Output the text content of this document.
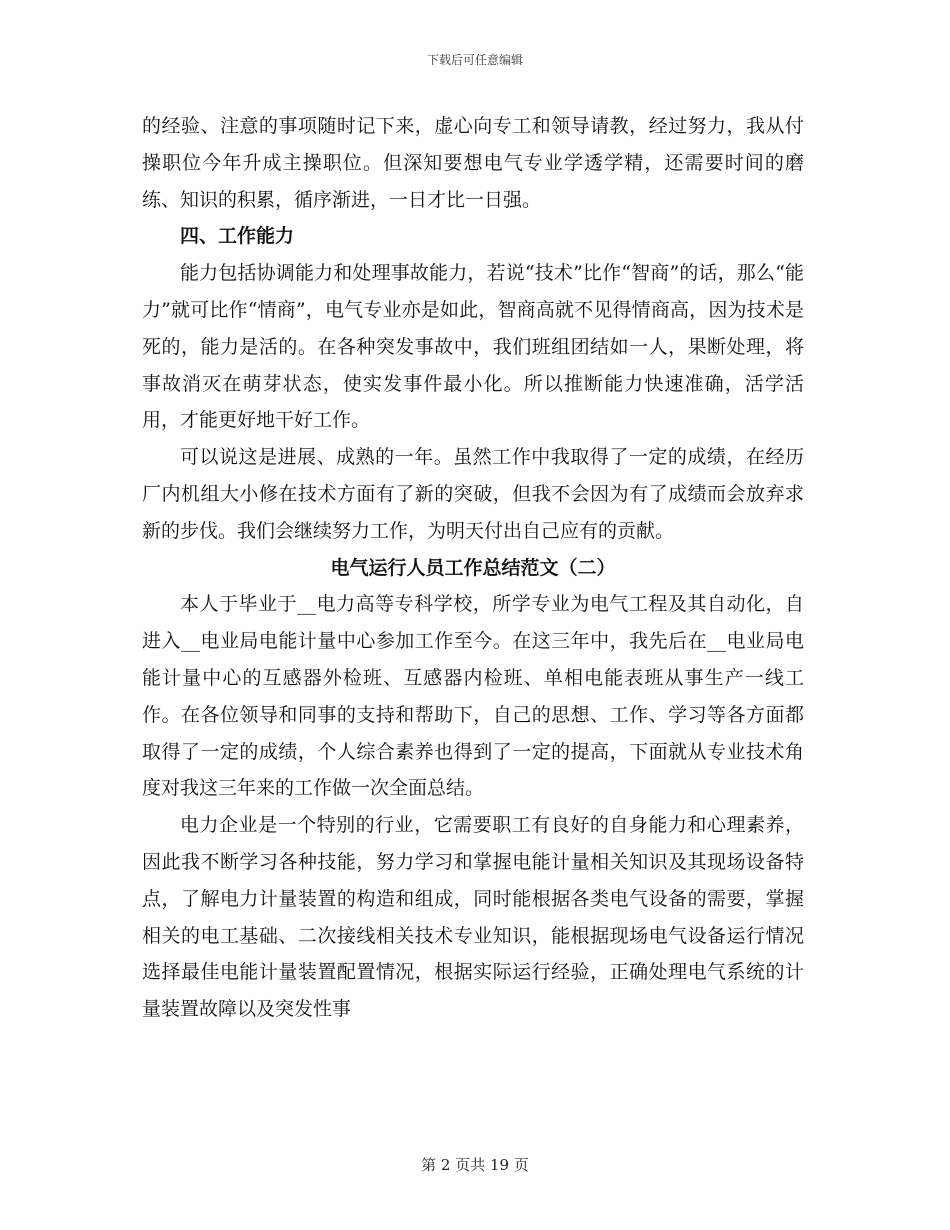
下载后可任意编辑

的经验、注意的事项随时记下来，虚心向专工和领导请教，经过努力，我从付操职位今年升成主操职位。但深知要想电气专业学透学精，还需要时间的磨练、知识的积累，循序渐进，一日才比一日强。

四、工作能力

能力包括协调能力和处理事故能力，若说“技术”比作“智商”的话，那么“能力”就可比作“情商”，电气专业亦是如此，智商高就不见得情商高，因为技术是死的，能力是活的。在各种突发事故中，我们班组团结如一人，果断处理，将事故消灭在萌芽状态，使实发事件最小化。所以推断能力快速准确，活学活用，才能更好地干好工作。

可以说这是进展、成熟的一年。虽然工作中我取得了一定的成绩，在经历厂内机组大小修在技术方面有了新的突破，但我不会因为有了成绩而会放弃求新的步伐。我们会继续努力工作，为明天付出自己应有的贡献。

电气运行人员工作总结范文（二）

本人于毕业于__电力高等专科学校，所学专业为电气工程及其自动化，自进入__电业局电能计量中心参加工作至今。在这三年中，我先后在__电业局电能计量中心的互感器外检班、互感器内检班、单相电能表班从事生产一线工作。在各位领导和同事的支持和帮助下，自己的思想、工作、学习等各方面都取得了一定的成绩，个人综合素养也得到了一定的提高，下面就从专业技术角度对我这三年来的工作做一次全面总结。

电力企业是一个特别的行业，它需要职工有良好的自身能力和心理素养，因此我不断学习各种技能，努力学习和掌握电能计量相关知识及其现场设备特点，了解电力计量装置的构造和组成，同时能根据各类电气设备的需要，掌握相关的电工基础、二次接线相关技术专业知识，能根据现场电气设备运行情况选择最佳电能计量装置配置情况，根据实际运行经验，正确处理电气系统的计量装置故障以及突发性事

第 2 页共 19 页
